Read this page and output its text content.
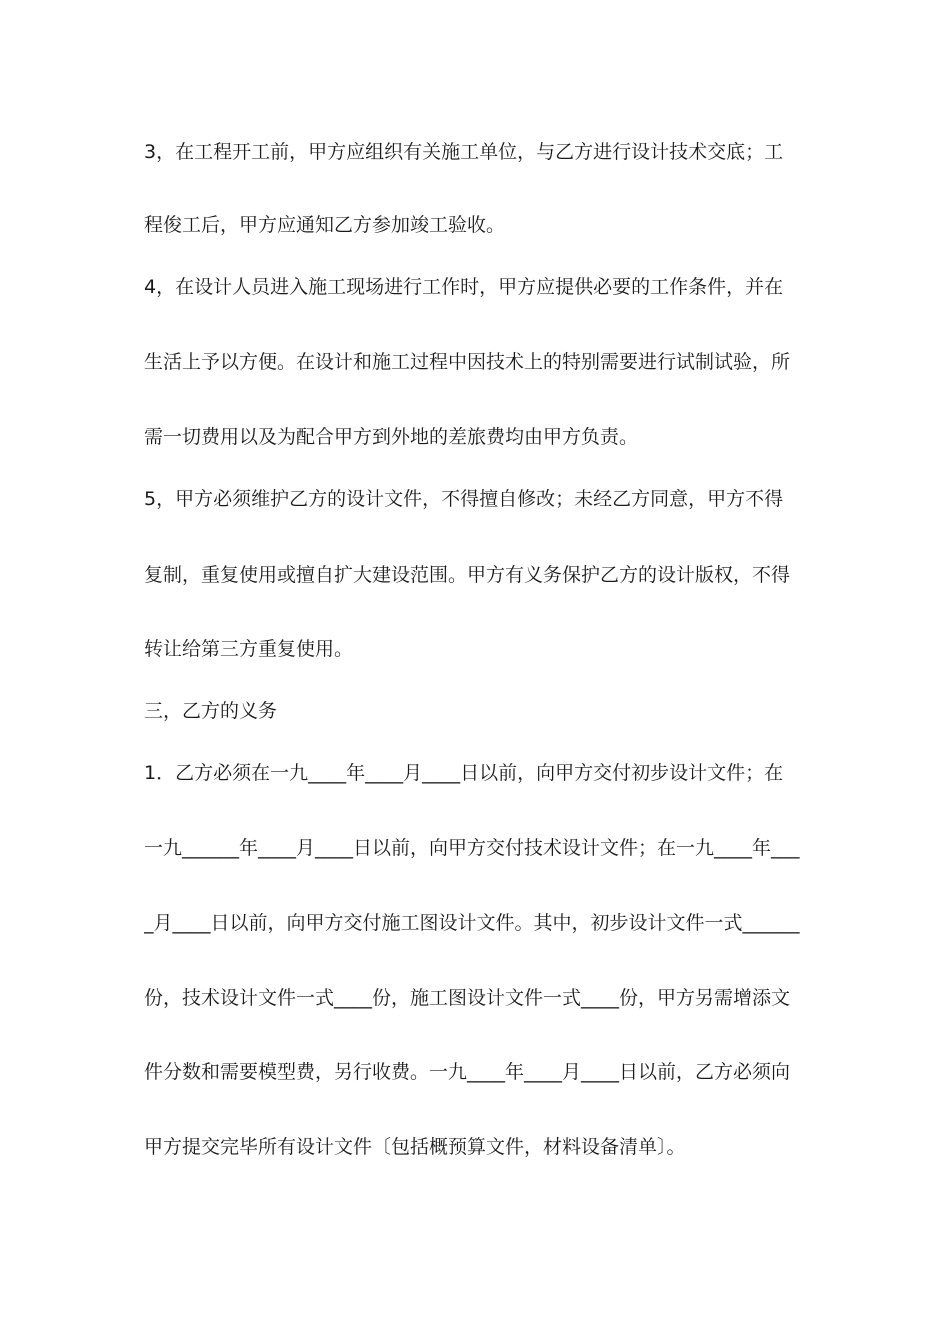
3，在工程开工前，甲方应组织有关施工单位，与乙方进行设计技术交底；工
程俊工后，甲方应通知乙方参加竣工验收。
4，在设计人员进入施工现场进行工作时，甲方应提供必要的工作条件，并在
生活上予以方便。在设计和施工过程中因技术上的特别需要进行试制试验，所
需一切费用以及为配合甲方到外地的差旅费均由甲方负责。
5，甲方必须维护乙方的设计文件，不得擅自修改；未经乙方同意，甲方不得
复制，重复使用或擅自扩大建设范围。甲方有义务保护乙方的设计版权，不得
转让给第三方重复使用。
三，乙方的义务
1．乙方必须在一九____年____月____日以前，向甲方交付初步设计文件；在
一九______年____月____日以前，向甲方交付技术设计文件；在一九____年___
_月____日以前，向甲方交付施工图设计文件。其中，初步设计文件一式______
份，技术设计文件一式____份，施工图设计文件一式____份，甲方另需增添文
件分数和需要模型费，另行收费。一九____年____月____日以前，乙方必须向
甲方提交完毕所有设计文件〔包括概预算文件，材料设备清单〕。
